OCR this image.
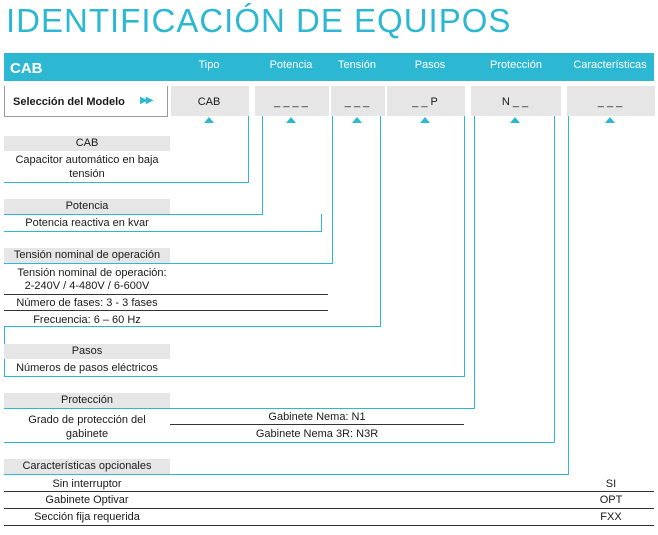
IDENTIFICACIÓN DE EQUIPOS
CAB	Tipo	Potencia	Tensión	Pasos	Protección	Características
Selección del Modelo ▶▶	CAB	_ _ _ _	_ _ _	_ _ P	N _ _	_ _ _
CAB
Capacitor automático en baja
tensión
Potencia
Potencia reactiva en kvar
Tensión nominal de operación
Tensión nominal de operación:
2-240V / 4-480V / 6-600V
Número de fases: 3 - 3 fases
Frecuencia: 6 – 60 Hz
Pasos
Números de pasos eléctricos
Protección
Grado de protección del
gabinete
Gabinete Nema: N1
Gabinete Nema 3R: N3R
Características opcionales
Sin interruptor	SI
Gabinete Optivar	OPT
Sección fija requerida	FXX
